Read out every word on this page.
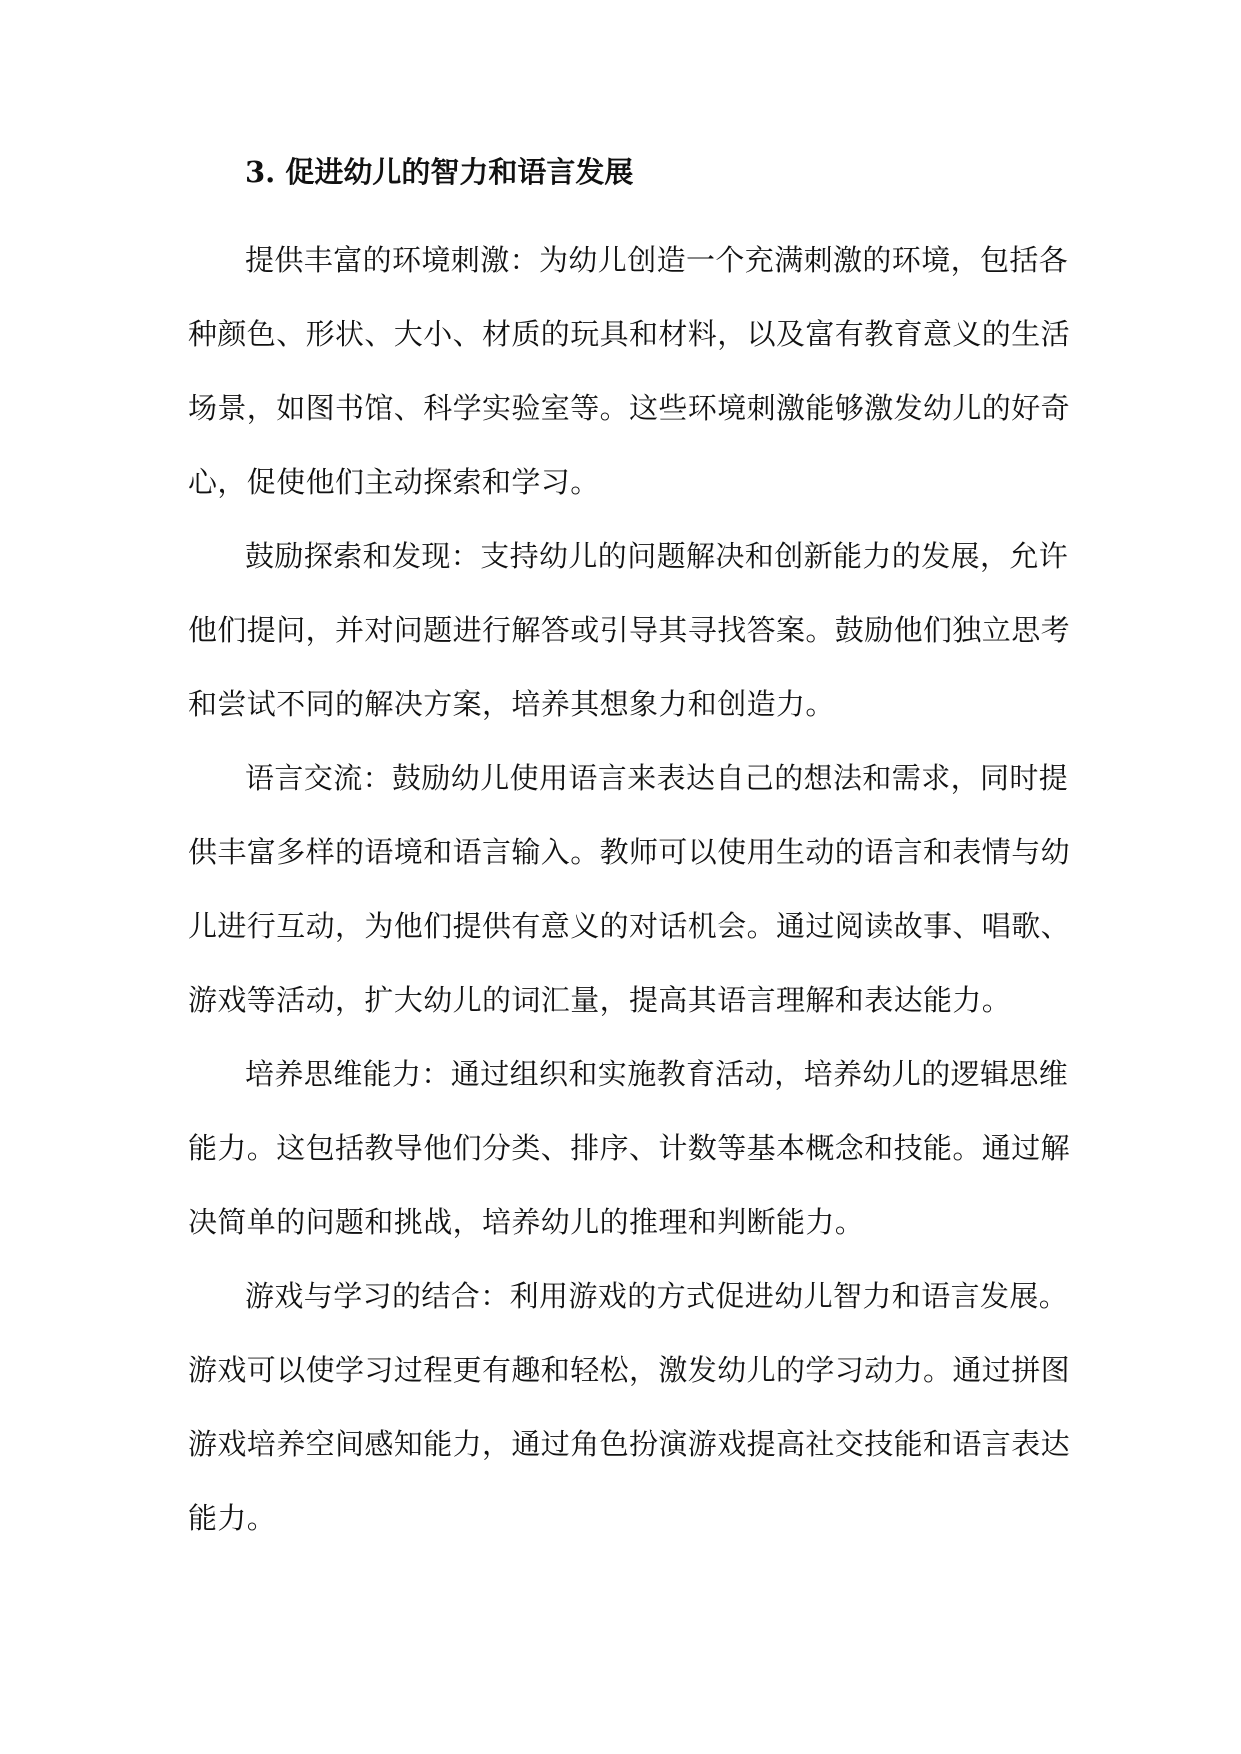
3. 促进幼儿的智力和语言发展

提供丰富的环境刺激：为幼儿创造一个充满刺激的环境，包括各
种颜色、形状、大小、材质的玩具和材料，以及富有教育意义的生活
场景，如图书馆、科学实验室等。这些环境刺激能够激发幼儿的好奇
心，促使他们主动探索和学习。

鼓励探索和发现：支持幼儿的问题解决和创新能力的发展，允许
他们提问，并对问题进行解答或引导其寻找答案。鼓励他们独立思考
和尝试不同的解决方案，培养其想象力和创造力。

语言交流：鼓励幼儿使用语言来表达自己的想法和需求，同时提
供丰富多样的语境和语言输入。教师可以使用生动的语言和表情与幼
儿进行互动，为他们提供有意义的对话机会。通过阅读故事、唱歌、
游戏等活动，扩大幼儿的词汇量，提高其语言理解和表达能力。

培养思维能力：通过组织和实施教育活动，培养幼儿的逻辑思维
能力。这包括教导他们分类、排序、计数等基本概念和技能。通过解
决简单的问题和挑战，培养幼儿的推理和判断能力。

游戏与学习的结合：利用游戏的方式促进幼儿智力和语言发展。
游戏可以使学习过程更有趣和轻松，激发幼儿的学习动力。通过拼图
游戏培养空间感知能力，通过角色扮演游戏提高社交技能和语言表达
能力。
